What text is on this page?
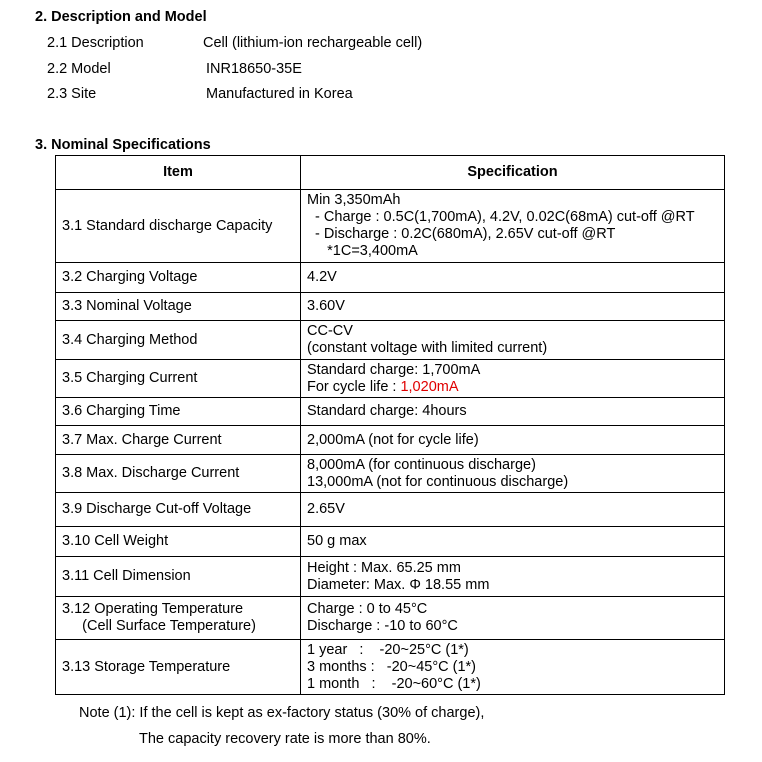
2. Description and Model
2.1 Description	Cell (lithium-ion rechargeable cell)
2.2 Model	INR18650-35E
2.3 Site	Manufactured in Korea
3. Nominal Specifications
Item	Specification

3.1 Standard discharge Capacity	Min 3,350mAh
- Charge : 0.5C(1,700mA), 4.2V, 0.02C(68mA) cut-off @RT
- Discharge : 0.2C(680mA), 2.65V cut-off @RT
*1C=3,400mA

3.2 Charging Voltage	4.2V

3.3 Nominal Voltage	3.60V

3.4 Charging Method	CC-CV
(constant voltage with limited current)

3.5 Charging Current	Standard charge: 1,700mA
For cycle life : 1,020mA

3.6 Charging Time	Standard charge: 4hours

3.7 Max. Charge Current	2,000mA (not for cycle life)

3.8 Max. Discharge Current	8,000mA (for continuous discharge)
13,000mA (not for continuous discharge)

3.9 Discharge Cut-off Voltage	2.65V

3.10 Cell Weight	50 g max

3.11 Cell Dimension	Height : Max. 65.25 mm
Diameter: Max. Φ 18.55 mm

3.12 Operating Temperature
(Cell Surface Temperature)	Charge : 0 to 45°C
Discharge : -10 to 60°C

3.13 Storage Temperature	1 year   :    -20~25°C (1*)
3 months :   -20~45°C (1*)
1 month   :    -20~60°C (1*)
Note (1): If the cell is kept as ex-factory status (30% of charge),
The capacity recovery rate is more than 80%.
